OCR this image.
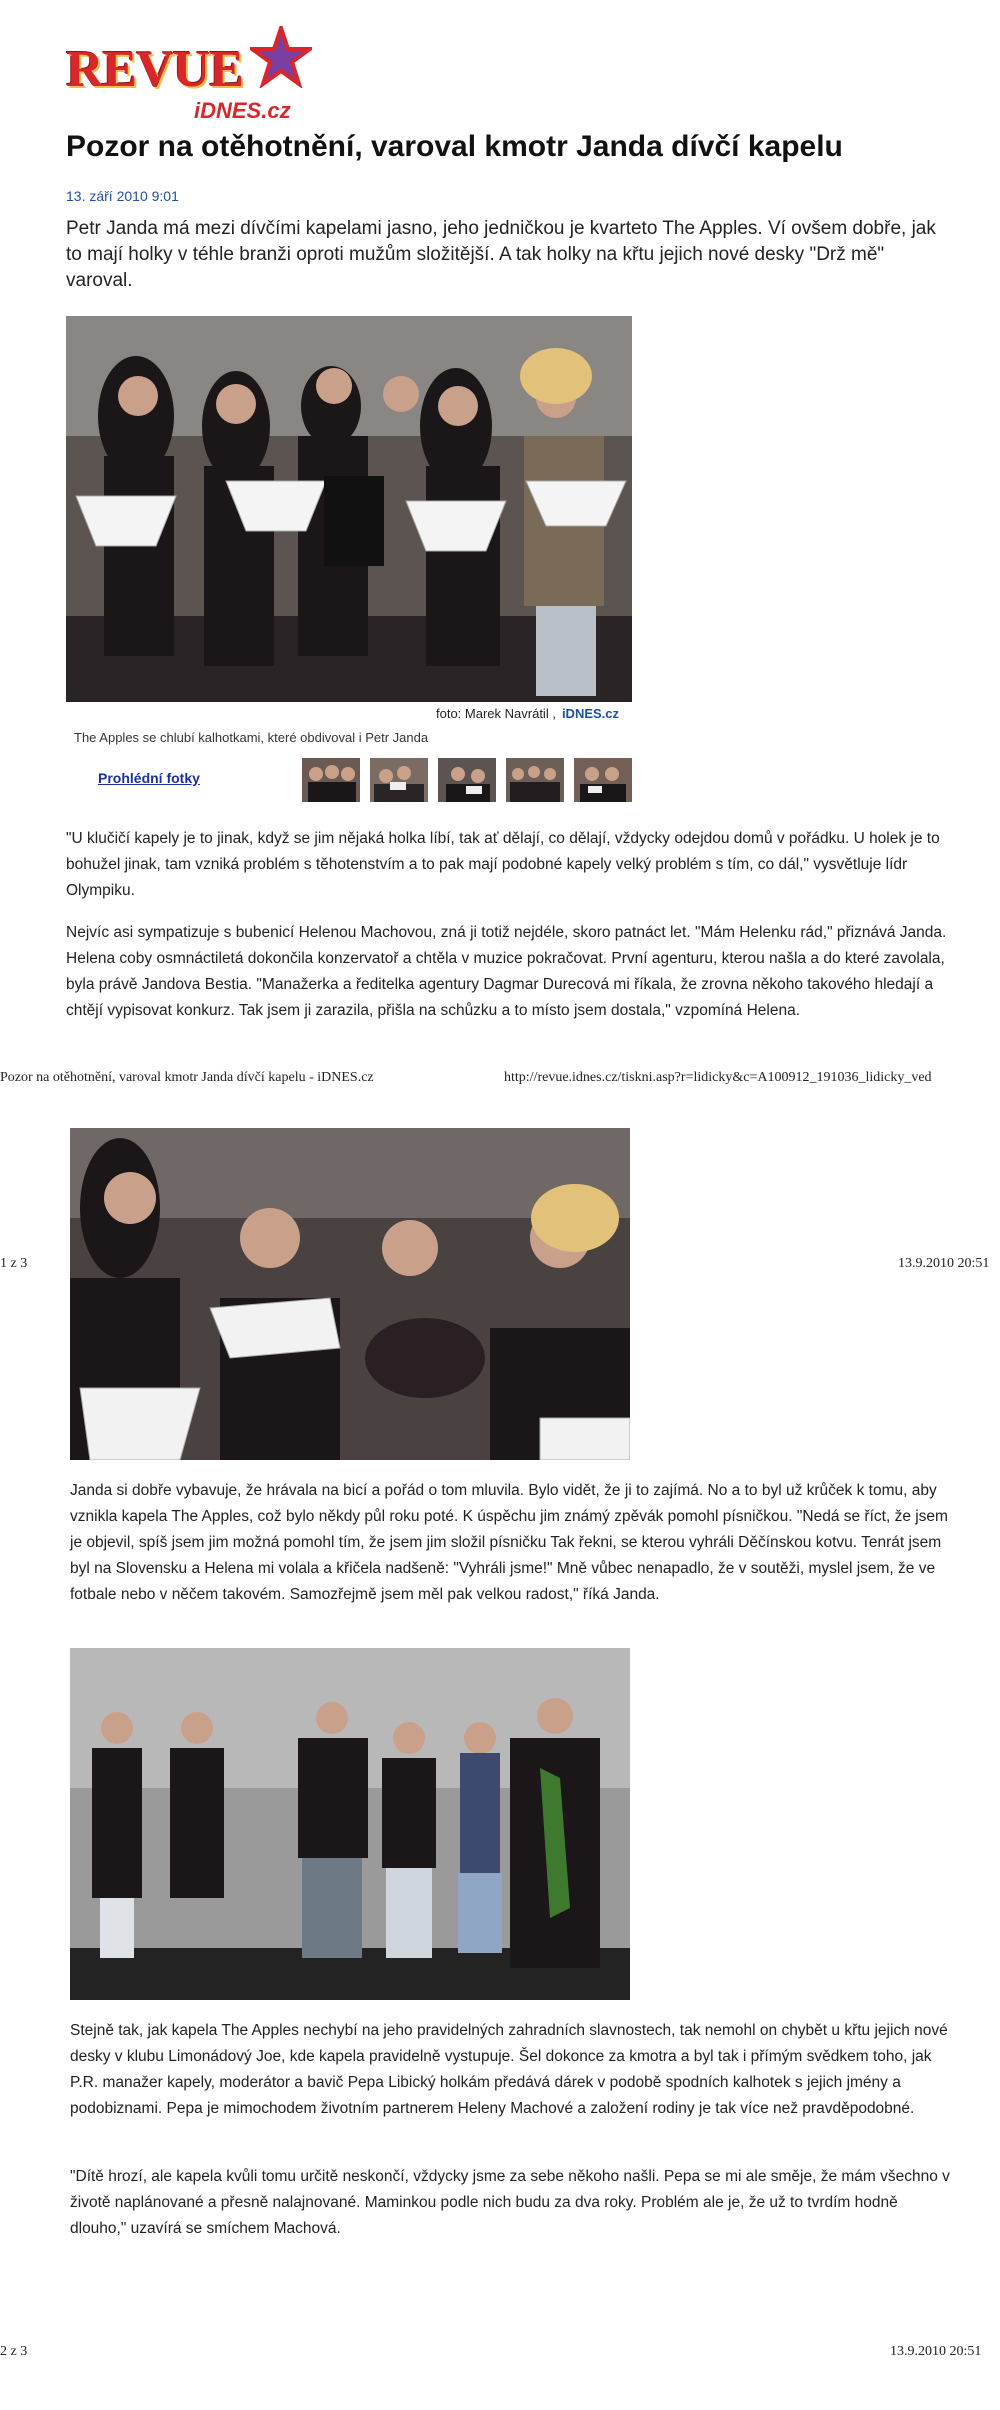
REVUE
iDNES.cz
Pozor na otěhotnění, varoval kmotr Janda dívčí kapelu
13. září 2010 9:01
Petr Janda má mezi dívčími kapelami jasno, jeho jedničkou je kvarteto The Apples. Ví ovšem dobře, jak to mají holky v téhle branži oproti mužům složitější. A tak holky na křtu jejich nové desky "Drž mě" varoval.
foto: Marek Navrátil , iDNES.cz
The Apples se chlubí kalhotkami, které obdivoval i Petr Janda
Prohlédní fotky
"U klučičí kapely je to jinak, když se jim nějaká holka líbí, tak ať dělají, co dělají, vždycky odejdou domů v pořádku. U holek je to bohužel jinak, tam vzniká problém s těhotenstvím a to pak mají podobné kapely velký problém s tím, co dál," vysvětluje lídr Olympiku.
Nejvíc asi sympatizuje s bubenicí Helenou Machovou, zná ji totiž nejdéle, skoro patnáct let. "Mám Helenku rád," přiznává Janda. Helena coby osmnáctiletá dokončila konzervatoř a chtěla v muzice pokračovat. První agenturu, kterou našla a do které zavolala, byla právě Jandova Bestia. "Manažerka a ředitelka agentury Dagmar Durecová mi říkala, že zrovna někoho takového hledají a chtějí vypisovat konkurz. Tak jsem ji zarazila, přišla na schůzku a to místo jsem dostala," vzpomíná Helena.
Pozor na otěhotnění, varoval kmotr Janda dívčí kapelu - iDNES.cz	http://revue.idnes.cz/tiskni.asp?r=lidicky&c=A100912_191036_lidicky_ved
1 z 3	13.9.2010 20:51
Janda si dobře vybavuje, že hrávala na bicí a pořád o tom mluvila. Bylo vidět, že ji to zajímá. No a to byl už krůček k tomu, aby vznikla kapela The Apples, což bylo někdy půl roku poté. K úspěchu jim známý zpěvák pomohl písničkou. "Nedá se říct, že jsem je objevil, spíš jsem jim možná pomohl tím, že jsem jim složil písničku Tak řekni, se kterou vyhráli Děčínskou kotvu. Tenrát jsem byl na Slovensku a Helena mi volala a křičela nadšeně: "Vyhráli jsme!" Mně vůbec nenapadlo, že v soutěži, myslel jsem, že ve fotbale nebo v něčem takovém. Samozřejmě jsem měl pak velkou radost," říká Janda.
Stejně tak, jak kapela The Apples nechybí na jeho pravidelných zahradních slavnostech, tak nemohl on chybět u křtu jejich nové desky v klubu Limonádový Joe, kde kapela pravidelně vystupuje. Šel dokonce za kmotra a byl tak i přímým svědkem toho, jak P.R. manažer kapely, moderátor a bavič Pepa Libický holkám předává dárek v podobě spodních kalhotek s jejich jmény a podobiznami. Pepa je mimochodem životním partnerem Heleny Machové a založení rodiny je tak více než pravděpodobné.
"Dítě hrozí, ale kapela kvůli tomu určitě neskončí, vždycky jsme za sebe někoho našli. Pepa se mi ale směje, že mám všechno v životě naplánované a přesně nalajnované. Maminkou podle nich budu za dva roky. Problém ale je, že už to tvrdím hodně dlouho," uzavírá se smíchem Machová.
2 z 3	13.9.2010 20:51
